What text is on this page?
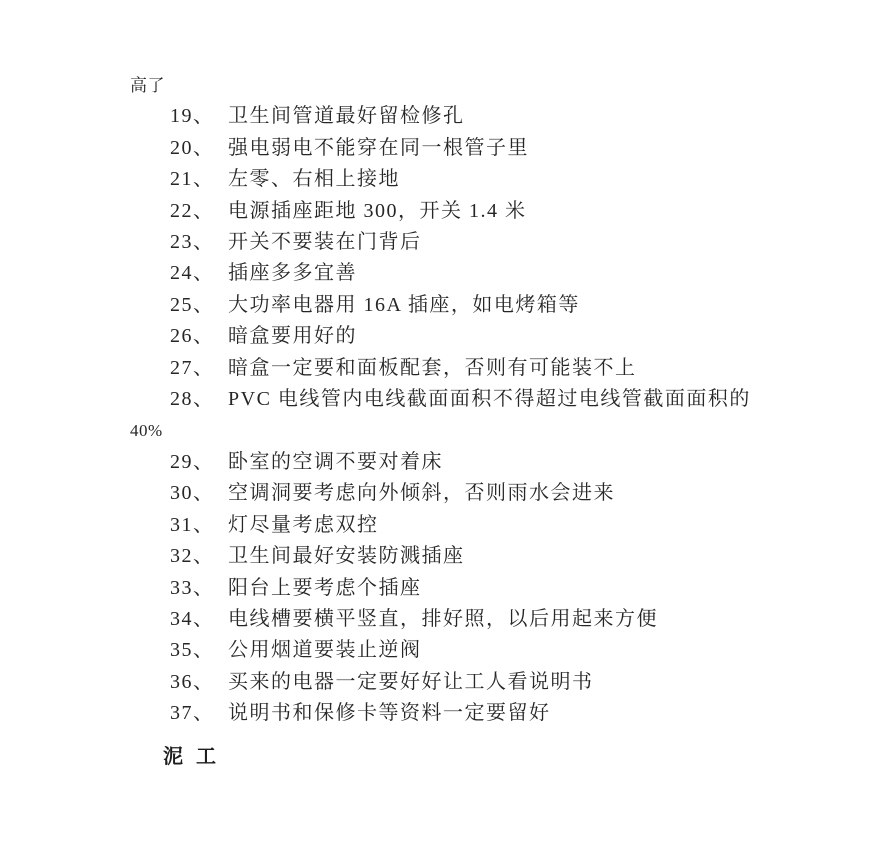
高了

19、 卫生间管道最好留检修孔

20、 强电弱电不能穿在同一根管子里

21、 左零、右相上接地

22、 电源插座距地 300，开关 1.4 米

23、 开关不要装在门背后

24、 插座多多宜善

25、 大功率电器用 16A 插座，如电烤箱等

26、 暗盒要用好的

27、 暗盒一定要和面板配套，否则有可能装不上

28、 PVC 电线管内电线截面面积不得超过电线管截面面积的

40%

29、 卧室的空调不要对着床

30、 空调洞要考虑向外倾斜，否则雨水会进来

31、 灯尽量考虑双控

32、 卫生间最好安装防溅插座

33、 阳台上要考虑个插座

34、 电线槽要横平竖直，排好照，以后用起来方便

35、 公用烟道要装止逆阀

36、 买来的电器一定要好好让工人看说明书

37、 说明书和保修卡等资料一定要留好

泥 工
